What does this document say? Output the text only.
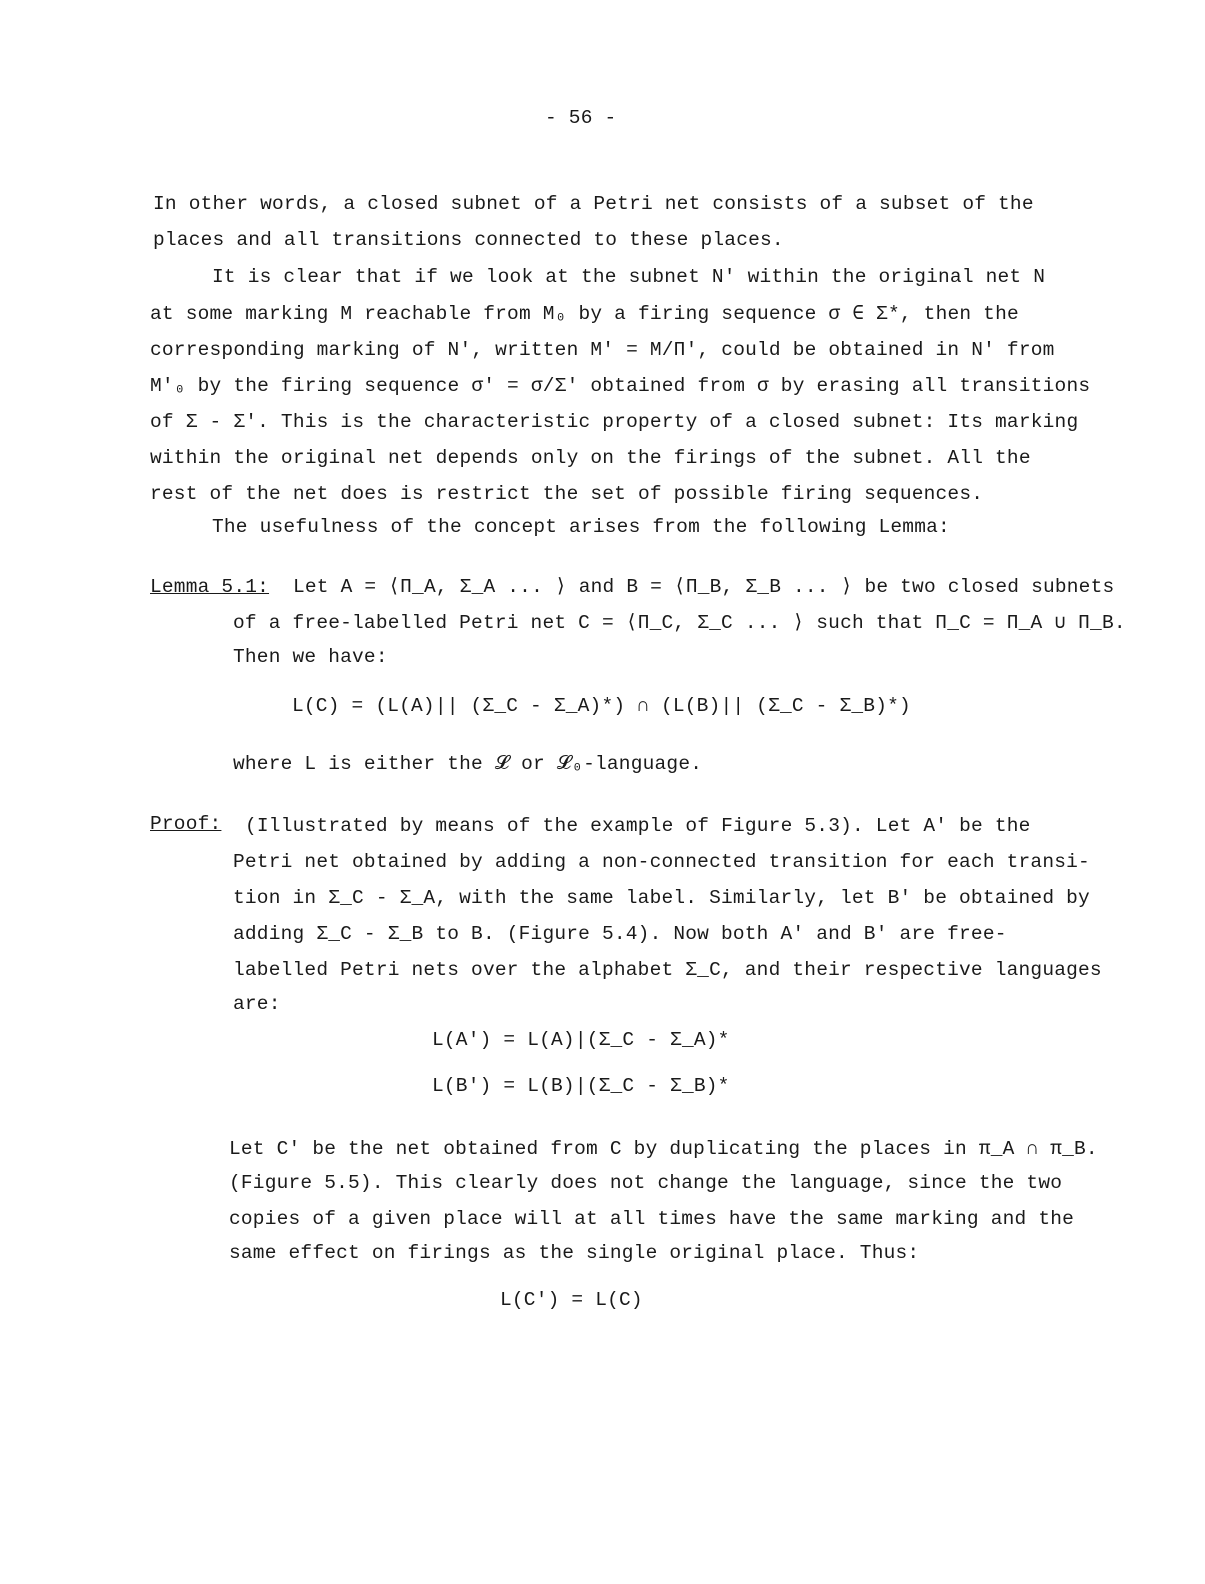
- 56 -
In other words, a closed subnet of a Petri net consists of a subset of the
places and all transitions connected to these places.
It is clear that if we look at the subnet N' within the original net N
at some marking M reachable from M₀ by a firing sequence σ ∈ Σ*, then the
corresponding marking of N', written M' = M/Π', could be obtained in N' from
M'₀ by the firing sequence σ' = σ/Σ' obtained from σ by erasing all transitions
of Σ - Σ'. This is the characteristic property of a closed subnet: Its marking
within the original net depends only on the firings of the subnet. All the
rest of the net does is restrict the set of possible firing sequences.
The usefulness of the concept arises from the following Lemma:
Lemma 5.1: Let A = ⟨Π_A, Σ_A ... ⟩ and B = ⟨Π_B, Σ_B ... ⟩ be two closed subnets
of a free-labelled Petri net C = ⟨Π_C, Σ_C ... ⟩ such that Π_C = Π_A ∪ Π_B.
Then we have:
L(C) = (L(A)|| (Σ_C - Σ_A)*) ∩ (L(B)|| (Σ_C - Σ_B)*)
where L is either the 𝓛 or 𝓛₀-language.
Proof: (Illustrated by means of the example of Figure 5.3). Let A' be the
Petri net obtained by adding a non-connected transition for each transi-
tion in Σ_C - Σ_A, with the same label. Similarly, let B' be obtained by
adding Σ_C - Σ_B to B. (Figure 5.4). Now both A' and B' are free-
labelled Petri nets over the alphabet Σ_C, and their respective languages
are:
L(A') = L(A)|(Σ_C - Σ_A)*
L(B') = L(B)|(Σ_C - Σ_B)*
Let C' be the net obtained from C by duplicating the places in π_A ∩ π_B.
(Figure 5.5). This clearly does not change the language, since the two
copies of a given place will at all times have the same marking and the
same effect on firings as the single original place. Thus:
L(C') = L(C)
